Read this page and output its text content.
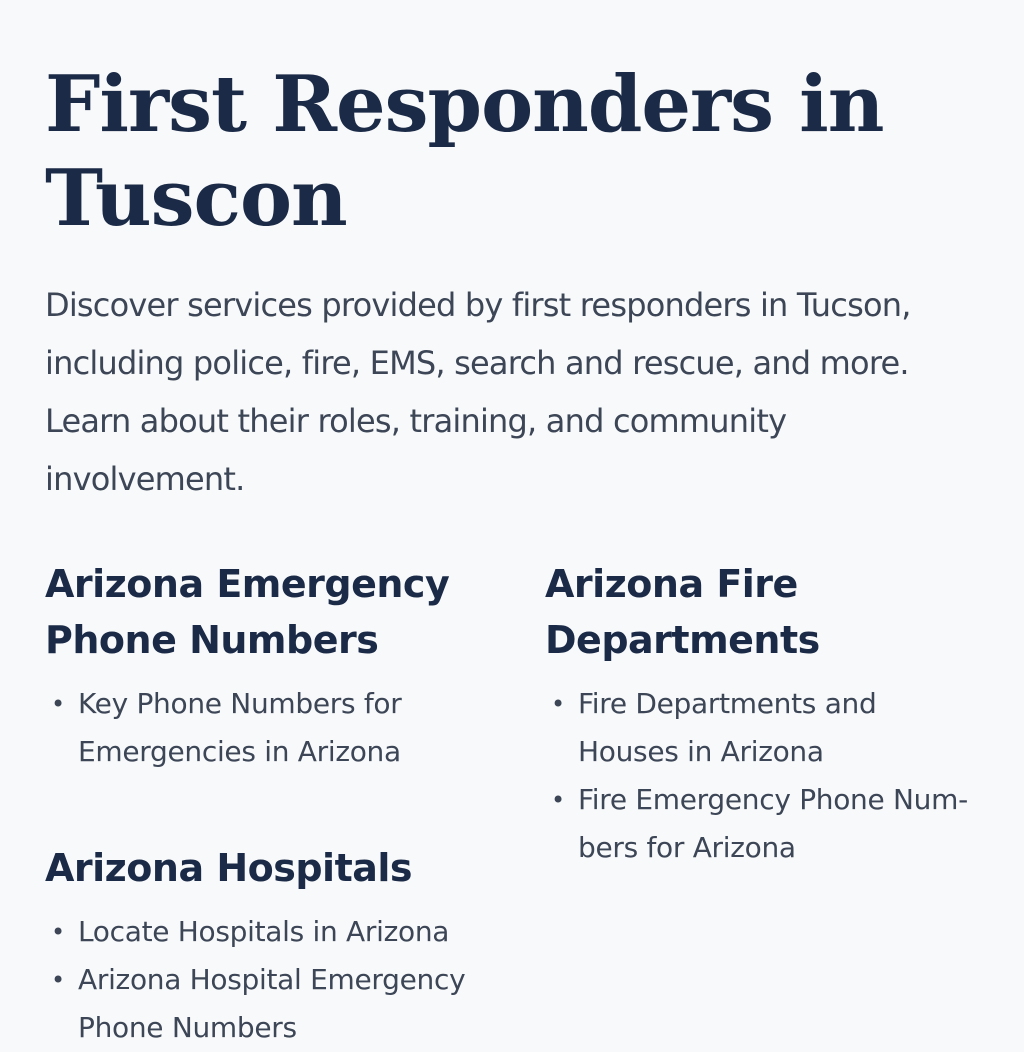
First Responders in Tuscon

Discover services provided by first responders in Tucson, including police, fire, EMS, search and rescue, and more. Learn about their roles, training, and community involvement.

Arizona Emergency Phone Numbers
• Key Phone Numbers for Emergencies in Arizona
Arizona Fire Departments
• Fire Departments and Houses in Arizona
• Fire Emergency Phone Num-bers for Arizona
Arizona Hospitals
• Locate Hospitals in Arizona
• Arizona Hospital Emergency Phone Numbers
